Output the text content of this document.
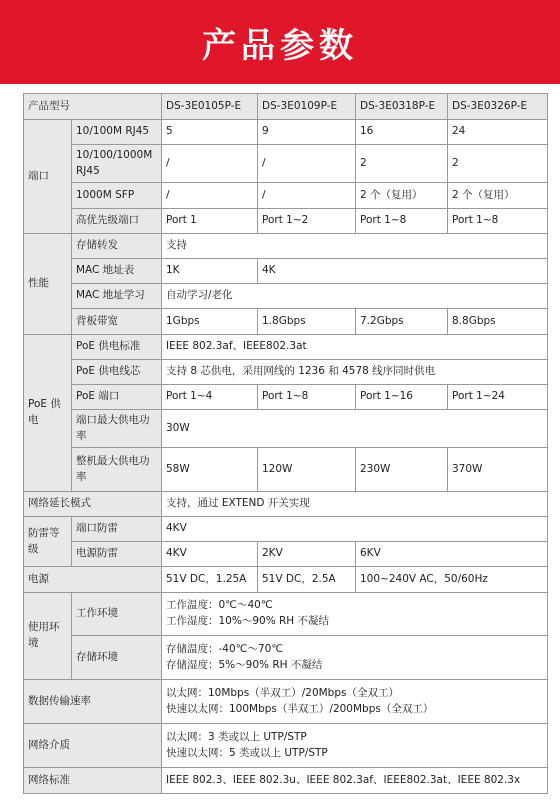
产品参数
产品型号		DS-3E0105P-E	DS-3E0109P-E	DS-3E0318P-E	DS-3E0326P-E
端口	10/100M RJ45	5	9	16	24
	10/100/1000M RJ45	/	/	2	2
	1000M SFP	/	/	2 个（复用）	2 个（复用）
	高优先级端口	Port 1	Port 1~2	Port 1~8	Port 1~8
性能	存储转发	支持			
	MAC 地址表	1K	4K		
	MAC 地址学习	自动学习/老化			
	背板带宽	1Gbps	1.8Gbps	7.2Gbps	8.8Gbps
PoE 供电	PoE 供电标准	IEEE 802.3af、IEEE802.3at			
	PoE 供电线芯	支持 8 芯供电，采用网线的 1236 和 4578 线序同时供电			
	PoE 端口	Port 1~4	Port 1~8	Port 1~16	Port 1~24
	端口最大供电功率	30W			
	整机最大供电功率	58W	120W	230W	370W
网络延长模式		支持，通过 EXTEND 开关实现			
防雷等级	端口防雷	4KV			
	电源防雷	4KV	2KV	6KV	
电源		51V DC，1.25A	51V DC，2.5A	100~240V AC，50/60Hz	
使用环境	工作环境	工作温度：0℃～40℃
工作湿度：10%～90% RH 不凝结			

	存储环境	存储温度：-40℃～70℃
存储湿度：5%～90% RH 不凝结			

数据传输速率		以太网：10Mbps（半双工）/20Mbps（全双工）
快速以太网：100Mbps（半双工）/200Mbps（全双工）			

网络介质		以太网：3 类或以上 UTP/STP
快速以太网：5 类或以上 UTP/STP			

网络标准		IEEE 802.3、IEEE 802.3u、IEEE 802.3af、IEEE802.3at、IEEE 802.3x			
